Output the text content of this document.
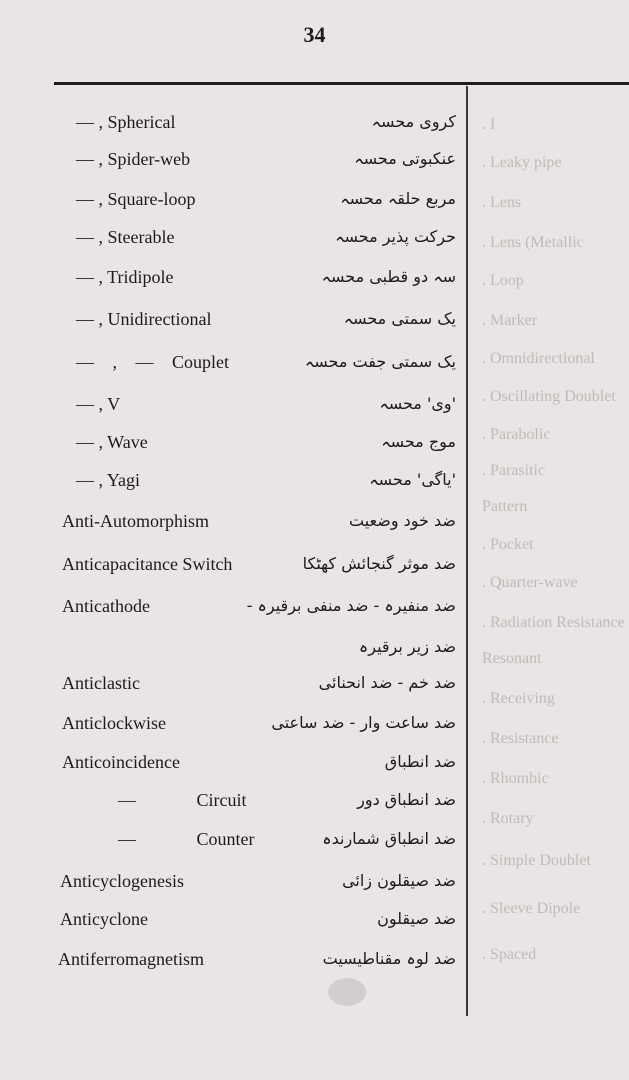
34
. I
. Leaky pipe
. Lens
. Lens (Metallic
. Loop
. Marker
. Omnidirectional
. Oscillating Doublet
. Parabolic
. Parasitic
Pattern
. Pocket
. Quarter-wave
. Radiation Resistance
Resonant
. Receiving
. Resistance
. Rhombic
. Rotary
. Simple Doublet
. Sleeve Dipole
. Spaced
— , Spherical	کروی محسہ
— , Spider-web	عنکبوتی محسہ
— , Square-loop	مربع حلقہ محسہ
— , Steerable	حرکت پذیر محسہ
— , Tridipole	سہ دو قطبی محسہ
— , Unidirectional	یک سمتی محسہ
— , — Couplet	یک سمتی جفت محسہ
— , V	'وی' محسہ
— , Wave	موج محسہ
— , Yagi	'یاگی' محسہ
Anti-Automorphism	ضد خود وضعیت
Anticapacitance Switch	ضد موثر گنجائش کھٹکا
Anticathode	ضد منفیرہ - ضد منفی برقیرہ -
ضد زیر برقیرہ
Anticlastic	ضد خم - ضد انحنائی
Anticlockwise	ضد ساعت وار - ضد ساعتی
Anticoincidence	ضد انطباق
— Circuit	ضد انطباق دور
— Counter	ضد انطباق شمارندہ
Anticyclogenesis	ضد صیقلون زائی
Anticyclone	ضد صیقلون
Antiferromagnetism	ضد لوہ مقناطیسیت
